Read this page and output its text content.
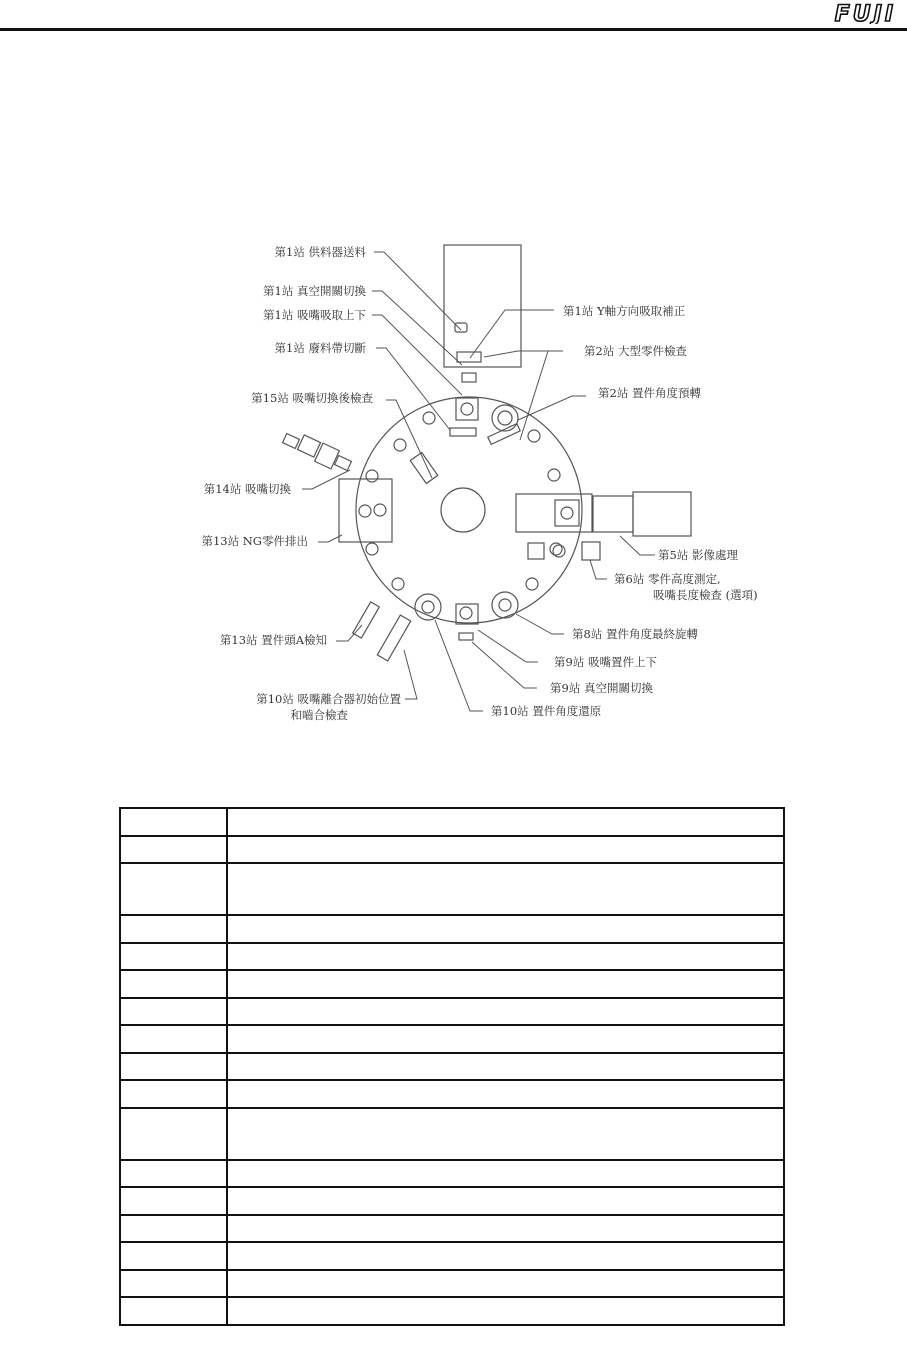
FUJI
第1站 供料器送料
第1站 真空開關切換
第1站 吸嘴吸取上下
第1站 廢料帶切斷
第1站 Y軸方向吸取補正
第2站 大型零件檢查
第2站 置件角度預轉
第15站 吸嘴切換後檢查
第14站 吸嘴切換
第13站 NG零件排出
第5站 影像處理
第6站 零件高度測定,
吸嘴長度檢查 (選項)
第13站 置件頭A檢知	第8站 置件角度最終旋轉
第9站 吸嘴置件上下
第9站 真空開關切換
第10站 吸嘴離合器初始位置
和嚙合檢查	第10站 置件角度還原
